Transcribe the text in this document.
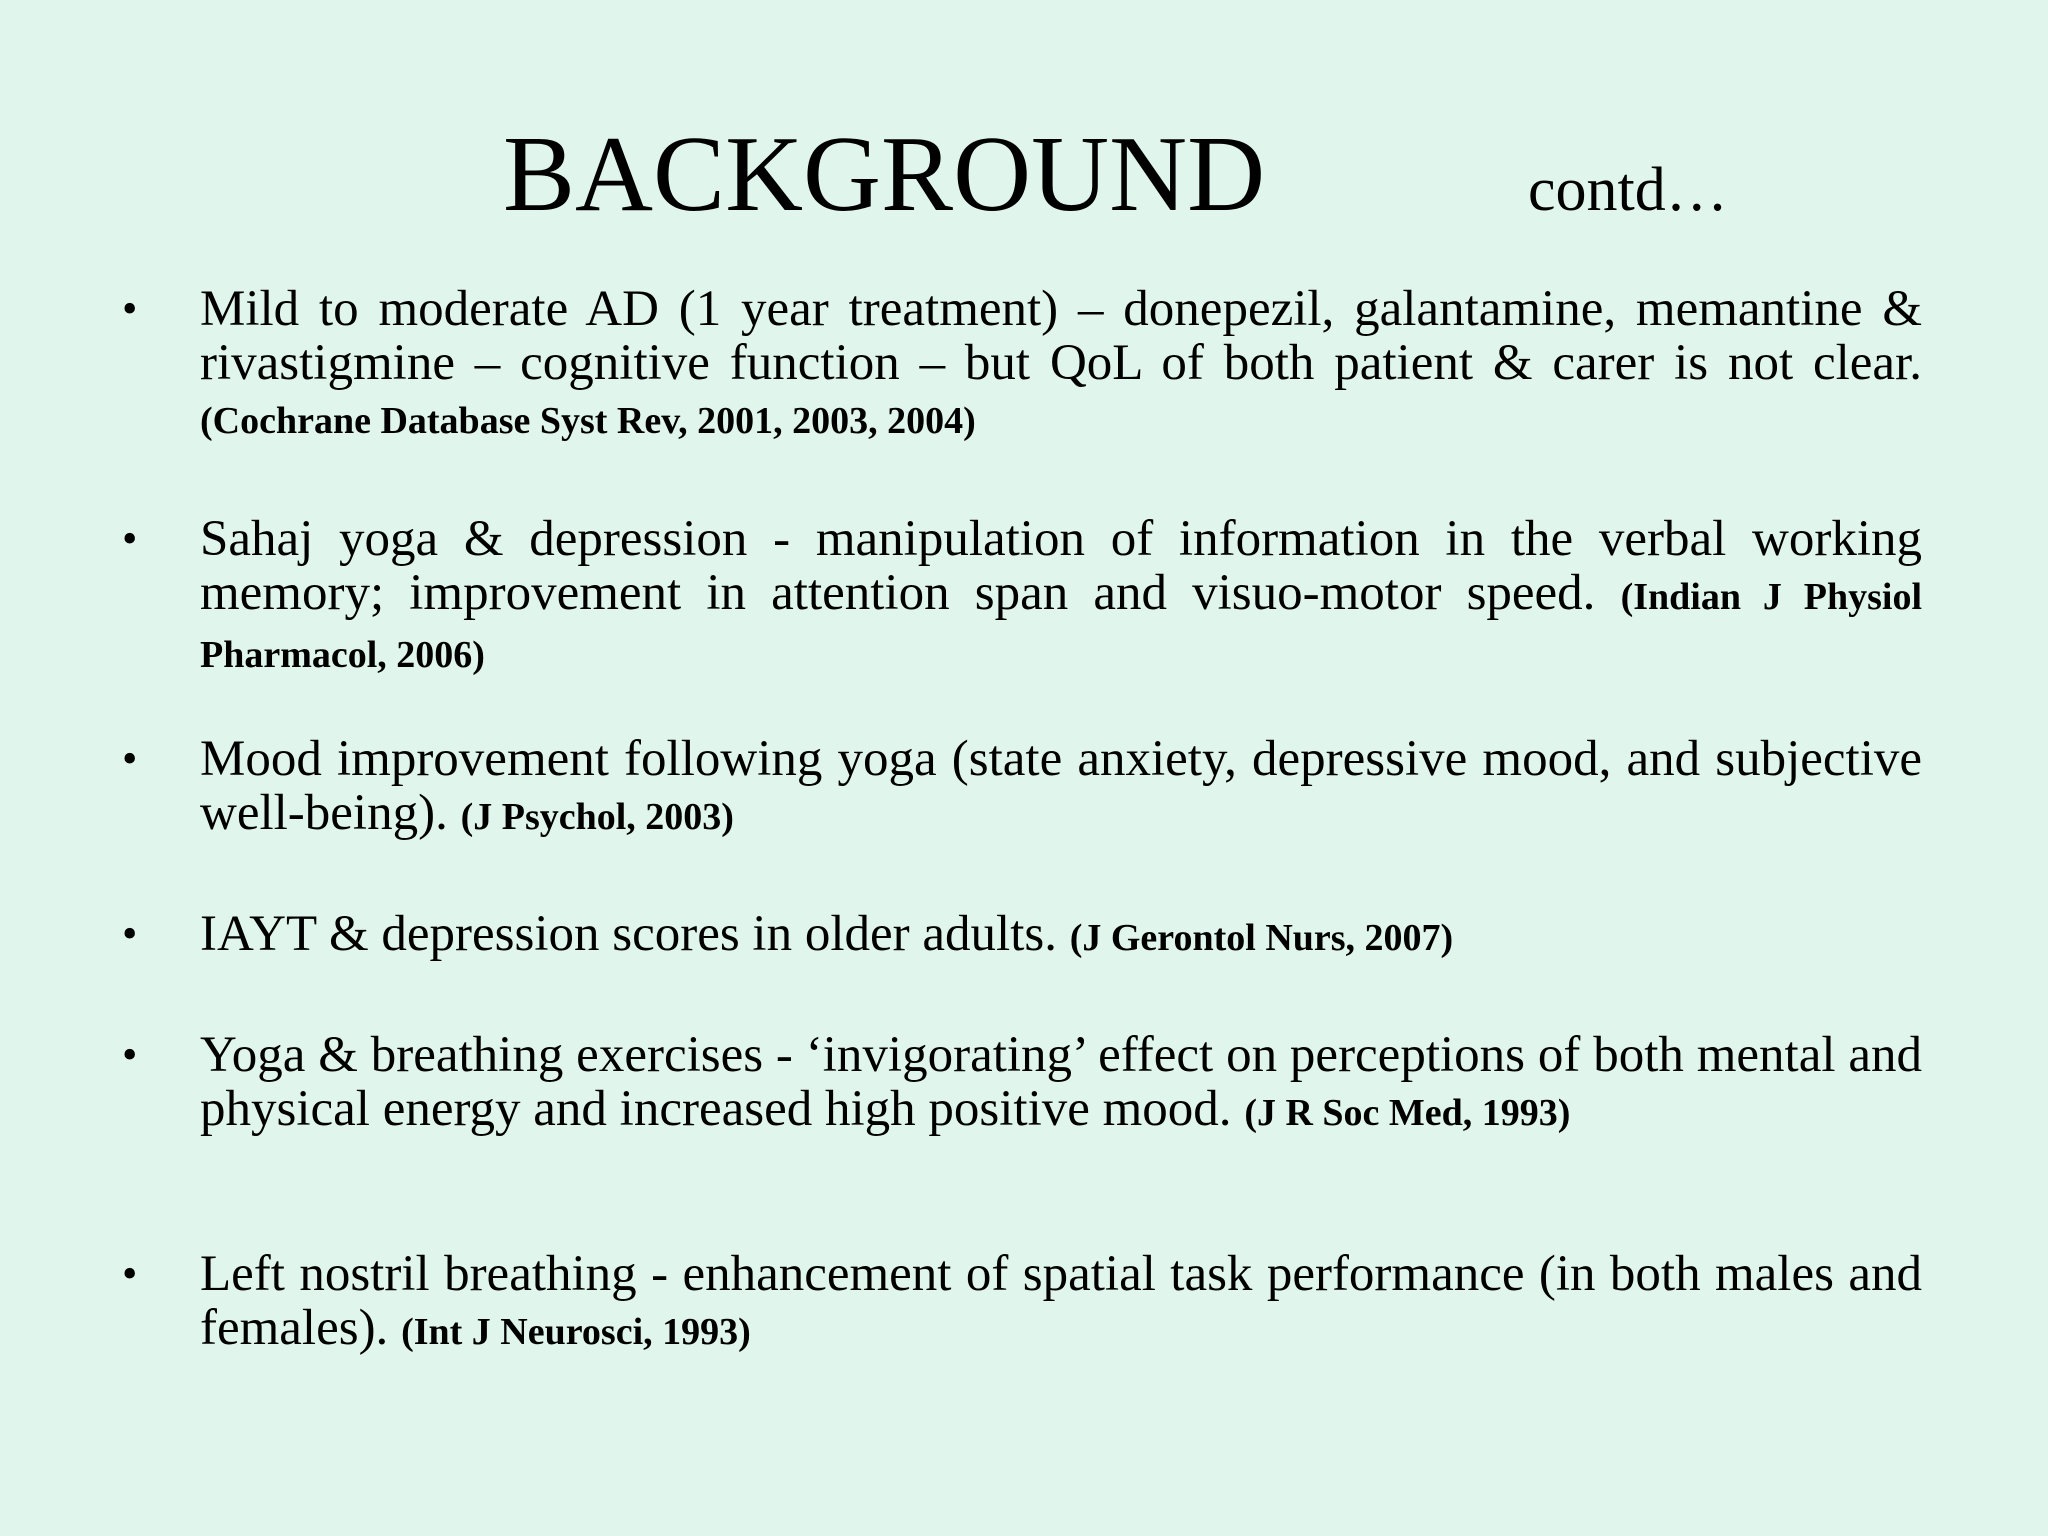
BACKGROUND	contd…
• Mild to moderate AD (1 year treatment) – donepezil, galantamine, memantine & rivastigmine – cognitive function – but QoL of both patient & carer is not clear. (Cochrane Database Syst Rev, 2001, 2003, 2004)
• Sahaj yoga & depression - manipulation of information in the verbal working memory; improvement in attention span and visuo-motor speed. (Indian J Physiol Pharmacol, 2006)
• Mood improvement following yoga (state anxiety, depressive mood, and subjective well-being). (J Psychol, 2003)
• IAYT & depression scores in older adults. (J Gerontol Nurs, 2007)
• Yoga & breathing exercises - ‘invigorating’ effect on perceptions of both mental and physical energy and increased high positive mood. (J R Soc Med, 1993)
• Left nostril breathing - enhancement of spatial task performance (in both males and females). (Int J Neurosci, 1993)
